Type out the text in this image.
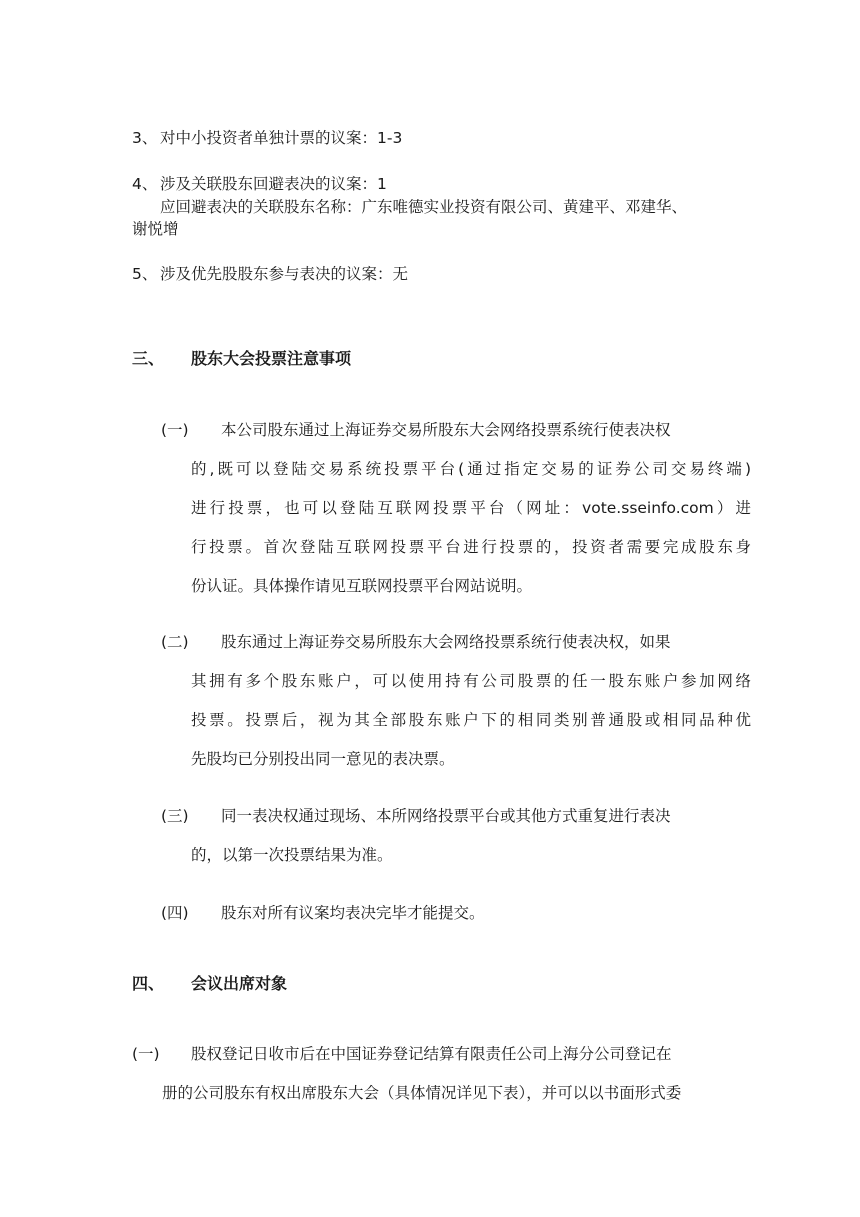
3、 对中小投资者单独计票的议案：1-3
4、 涉及关联股东回避表决的议案：1
应回避表决的关联股东名称：广东唯德实业投资有限公司、黄建平、邓建华、
谢悦增
5、 涉及优先股股东参与表决的议案：无
三、 股东大会投票注意事项
(一) 本公司股东通过上海证券交易所股东大会网络投票系统行使表决权
的,既可以登陆交易系统投票平台(通过指定交易的证券公司交易终端)
进行投票，也可以登陆互联网投票平台（网址：vote.sseinfo.com）进
行投票。首次登陆互联网投票平台进行投票的，投资者需要完成股东身
份认证。具体操作请见互联网投票平台网站说明。
(二) 股东通过上海证券交易所股东大会网络投票系统行使表决权，如果
其拥有多个股东账户，可以使用持有公司股票的任一股东账户参加网络
投票。投票后，视为其全部股东账户下的相同类别普通股或相同品种优
先股均已分别投出同一意见的表决票。
(三) 同一表决权通过现场、本所网络投票平台或其他方式重复进行表决
的，以第一次投票结果为准。
(四) 股东对所有议案均表决完毕才能提交。
四、 会议出席对象
(一) 股权登记日收市后在中国证券登记结算有限责任公司上海分公司登记在
册的公司股东有权出席股东大会（具体情况详见下表），并可以以书面形式委
